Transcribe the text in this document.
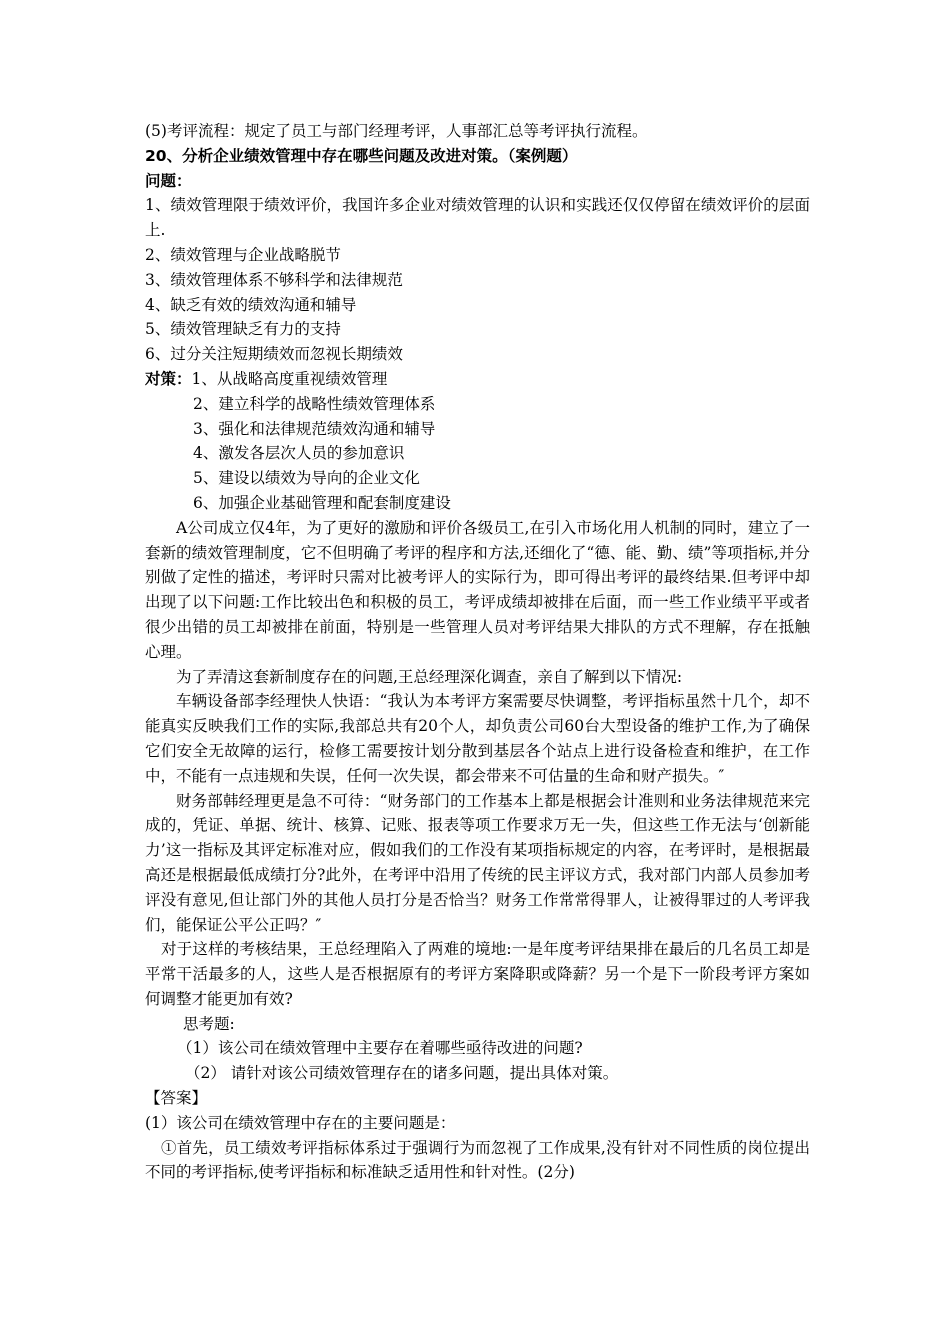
(5)考评流程：规定了员工与部门经理考评，人事部汇总等考评执行流程。
20、分析企业绩效管理中存在哪些问题及改进对策。（案例题）
问题：
1、绩效管理限于绩效评价，我国许多企业对绩效管理的认识和实践还仅仅停留在绩效评价的层面上.
2、绩效管理与企业战略脱节
3、绩效管理体系不够科学和法律规范
4、缺乏有效的绩效沟通和辅导
5、绩效管理缺乏有力的支持
6、过分关注短期绩效而忽视长期绩效
对策：1、从战略高度重视绩效管理
2、建立科学的战略性绩效管理体系
3、强化和法律规范绩效沟通和辅导
4、激发各层次人员的参加意识
5、建设以绩效为导向的企业文化
6、加强企业基础管理和配套制度建设
A公司成立仅4年，为了更好的激励和评价各级员工,在引入市场化用人机制的同时，建立了一套新的绩效管理制度，它不但明确了考评的程序和方法,还细化了“德、能、勤、绩”等项指标,并分别做了定性的描述，考评时只需对比被考评人的实际行为，即可得出考评的最终结果.但考评中却出现了以下问题:工作比较出色和积极的员工，考评成绩却被排在后面，而一些工作业绩平平或者很少出错的员工却被排在前面，特别是一些管理人员对考评结果大排队的方式不理解，存在抵触心理。
为了弄清这套新制度存在的问题,王总经理深化调查，亲自了解到以下情况:
车辆设备部李经理快人快语：“我认为本考评方案需要尽快调整，考评指标虽然十几个，却不能真实反映我们工作的实际,我部总共有20个人，却负责公司60台大型设备的维护工作,为了确保它们安全无故障的运行，检修工需要按计划分散到基层各个站点上进行设备检查和维护，在工作中，不能有一点违规和失误，任何一次失误，都会带来不可估量的生命和财产损失。″
财务部韩经理更是急不可待：“财务部门的工作基本上都是根据会计准则和业务法律规范来完成的，凭证、单据、统计、核算、记账、报表等项工作要求万无一失，但这些工作无法与‘创新能力’这一指标及其评定标准对应，假如我们的工作没有某项指标规定的内容，在考评时，是根据最高还是根据最低成绩打分?此外，在考评中沿用了传统的民主评议方式，我对部门内部人员参加考评没有意见,但让部门外的其他人员打分是否恰当？财务工作常常得罪人，让被得罪过的人考评我们，能保证公平公正吗？″
对于这样的考核结果，王总经理陷入了两难的境地:一是年度考评结果排在最后的几名员工却是平常干活最多的人，这些人是否根据原有的考评方案降职或降薪？另一个是下一阶段考评方案如何调整才能更加有效?
思考题:
（1）该公司在绩效管理中主要存在着哪些亟待改进的问题?
（2） 请针对该公司绩效管理存在的诸多问题，提出具体对策。
【答案】
(1）该公司在绩效管理中存在的主要问题是：
①首先，员工绩效考评指标体系过于强调行为而忽视了工作成果,没有针对不同性质的岗位提出不同的考评指标,使考评指标和标准缺乏适用性和针对性。(2分)
